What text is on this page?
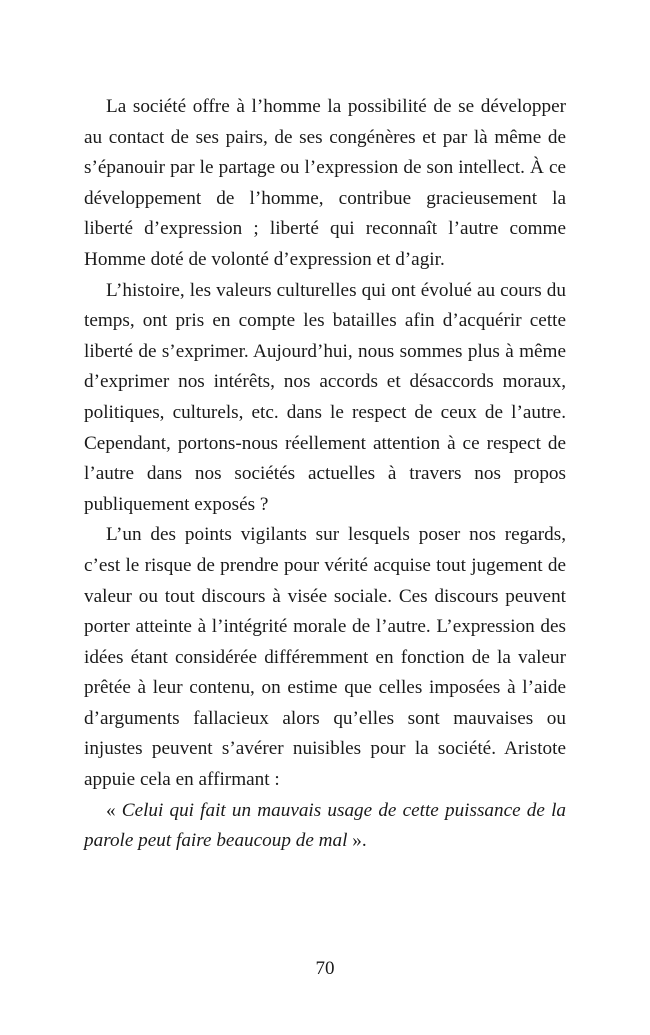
La société offre à l’homme la possibilité de se développer au contact de ses pairs, de ses congénères et par là même de s’épanouir par le partage ou l’expression de son intellect. À ce développement de l’homme, contribue gracieusement la liberté d’expression ; liberté qui reconnaît l’autre comme Homme doté de volonté d’expression et d’agir.

L’histoire, les valeurs culturelles qui ont évolué au cours du temps, ont pris en compte les batailles afin d’acquérir cette liberté de s’exprimer. Aujourd’hui, nous sommes plus à même d’exprimer nos intérêts, nos accords et désaccords moraux, politiques, culturels, etc. dans le respect de ceux de l’autre. Cependant, portons-nous réellement attention à ce respect de l’autre dans nos sociétés actuelles à travers nos propos publiquement exposés ?

L’un des points vigilants sur lesquels poser nos regards, c’est le risque de prendre pour vérité acquise tout jugement de valeur ou tout discours à visée sociale. Ces discours peuvent porter atteinte à l’intégrité morale de l’autre. L’expression des idées étant considérée différemment en fonction de la valeur prêtée à leur contenu, on estime que celles imposées à l’aide d’arguments fallacieux alors qu’elles sont mauvaises ou injustes peuvent s’avérer nuisibles pour la société. Aristote appuie cela en affirmant :

« Celui qui fait un mauvais usage de cette puissance de la parole peut faire beaucoup de mal ».

70
